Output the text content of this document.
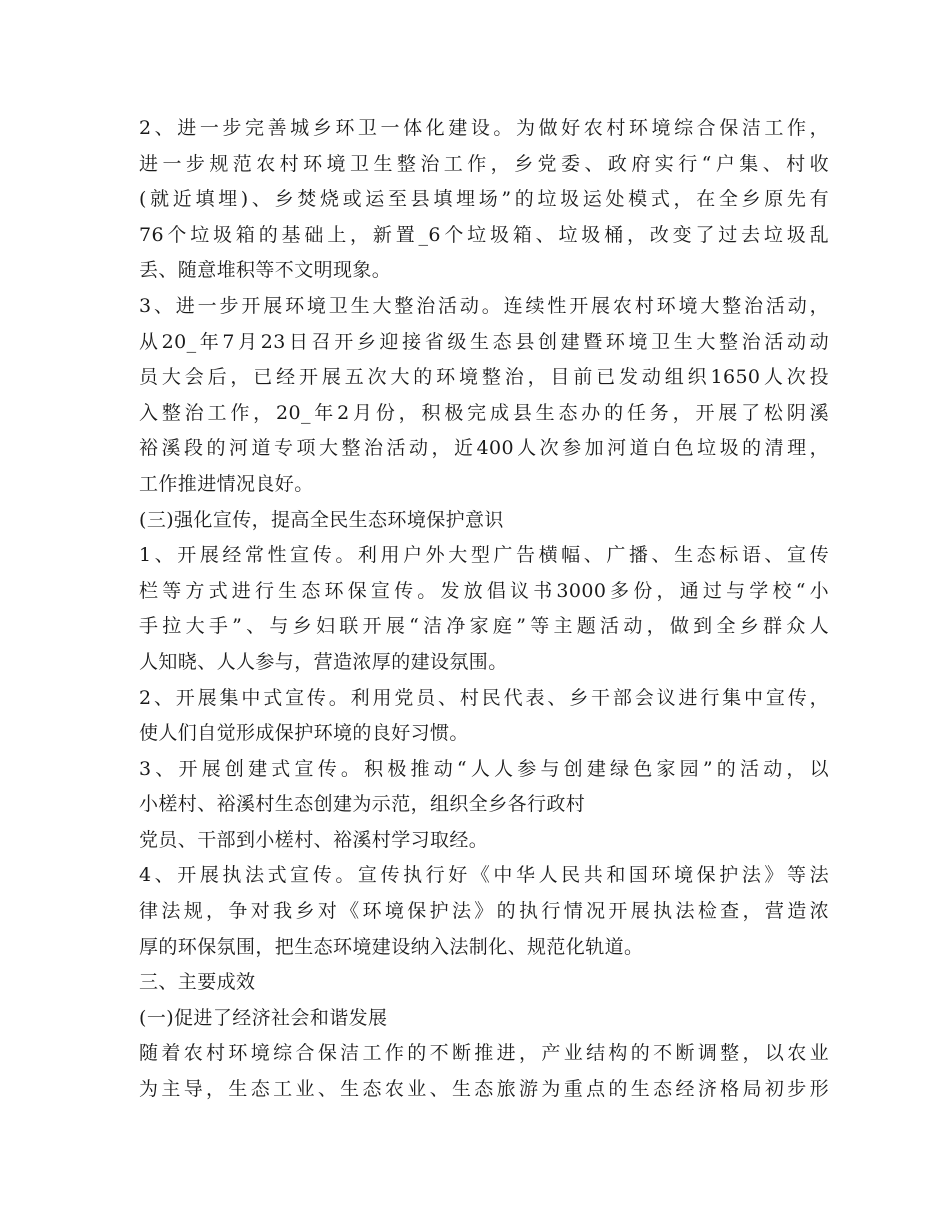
2、进一步完善城乡环卫一体化建设。为做好农村环境综合保洁工作，
进一步规范农村环境卫生整治工作，乡党委、政府实行“户集、村收
(就近填埋)、乡焚烧或运至县填埋场”的垃圾运处模式，在全乡原先有
76个垃圾箱的基础上，新置_6个垃圾箱、垃圾桶，改变了过去垃圾乱
丢、随意堆积等不文明现象。
3、进一步开展环境卫生大整治活动。连续性开展农村环境大整治活动，
从20_年7月23日召开乡迎接省级生态县创建暨环境卫生大整治活动动
员大会后，已经开展五次大的环境整治，目前已发动组织1650人次投
入整治工作，20_年2月份，积极完成县生态办的任务，开展了松阴溪
裕溪段的河道专项大整治活动，近400人次参加河道白色垃圾的清理，
工作推进情况良好。
(三)强化宣传，提高全民生态环境保护意识
1、开展经常性宣传。利用户外大型广告横幅、广播、生态标语、宣传
栏等方式进行生态环保宣传。发放倡议书3000多份，通过与学校“小
手拉大手”、与乡妇联开展“洁净家庭”等主题活动，做到全乡群众人
人知晓、人人参与，营造浓厚的建设氛围。
2、开展集中式宣传。利用党员、村民代表、乡干部会议进行集中宣传，
使人们自觉形成保护环境的良好习惯。
3、开展创建式宣传。积极推动“人人参与创建绿色家园”的活动，以
小槎村、裕溪村生态创建为示范，组织全乡各行政村
党员、干部到小槎村、裕溪村学习取经。
4、开展执法式宣传。宣传执行好《中华人民共和国环境保护法》等法
律法规，争对我乡对《环境保护法》的执行情况开展执法检查，营造浓
厚的环保氛围，把生态环境建设纳入法制化、规范化轨道。
三、主要成效
(一)促进了经济社会和谐发展
随着农村环境综合保洁工作的不断推进，产业结构的不断调整，以农业
为主导，生态工业、生态农业、生态旅游为重点的生态经济格局初步形
